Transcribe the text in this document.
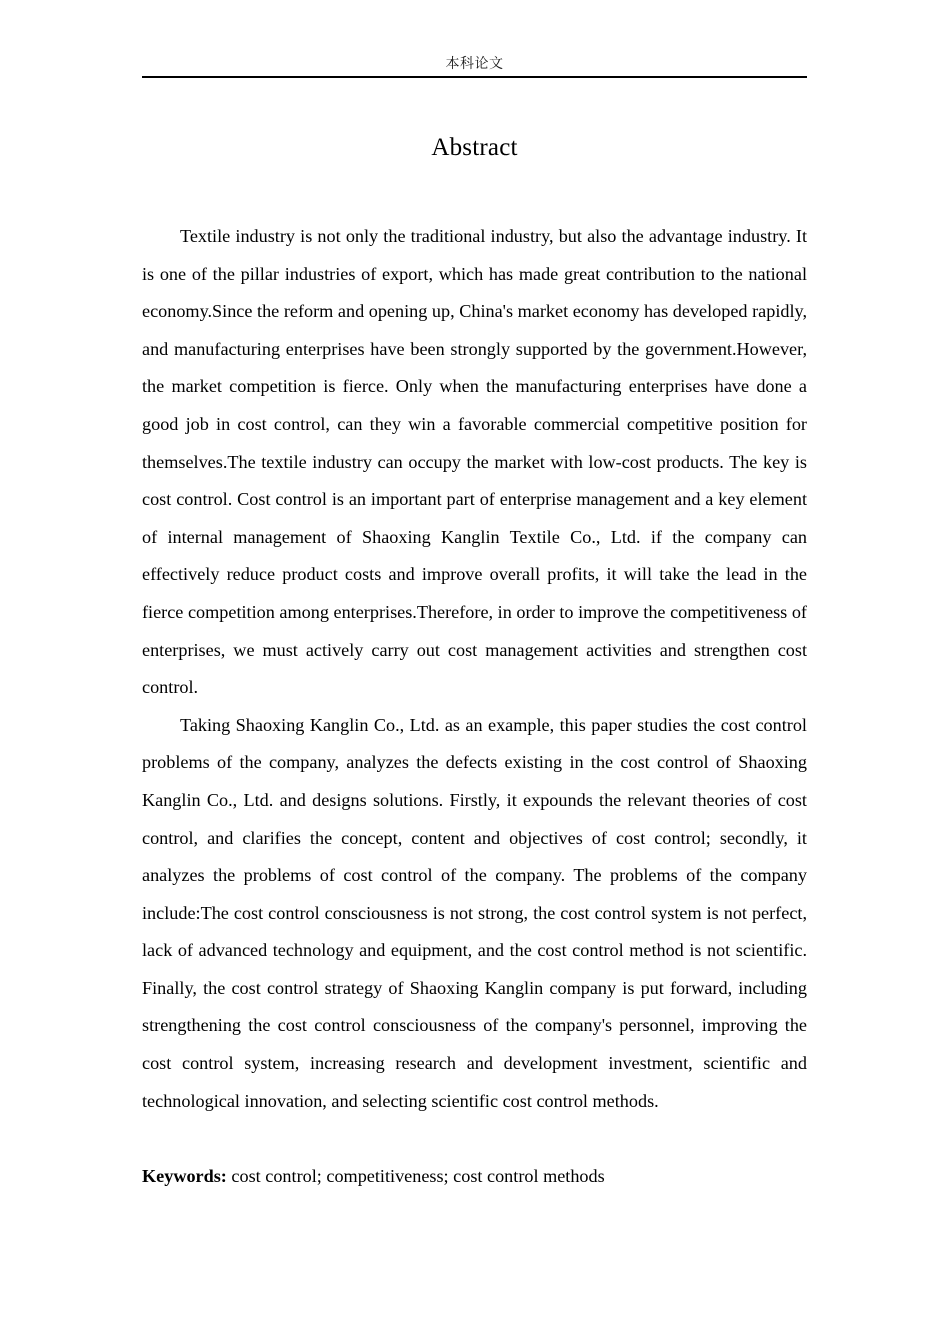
本科论文
Abstract

Textile industry is not only the traditional industry, but also the advantage industry. It is one of the pillar industries of export, which has made great contribution to the national economy.Since the reform and opening up, China's market economy has developed rapidly, and manufacturing enterprises have been strongly supported by the government.However, the market competition is fierce. Only when the manufacturing enterprises have done a good job in cost control, can they win a favorable commercial competitive position for themselves.The textile industry can occupy the market with low-cost products. The key is cost control. Cost control is an important part of enterprise management and a key element of internal management of Shaoxing Kanglin Textile Co., Ltd. if the company can effectively reduce product costs and improve overall profits, it will take the lead in the fierce competition among enterprises.Therefore, in order to improve the competitiveness of enterprises, we must actively carry out cost management activities and strengthen cost control.

Taking Shaoxing Kanglin Co., Ltd. as an example, this paper studies the cost control problems of the company, analyzes the defects existing in the cost control of Shaoxing Kanglin Co., Ltd. and designs solutions. Firstly, it expounds the relevant theories of cost control, and clarifies the concept, content and objectives of cost control; secondly, it analyzes the problems of cost control of the company. The problems of the company include:The cost control consciousness is not strong, the cost control system is not perfect, lack of advanced technology and equipment, and the cost control method is not scientific. Finally, the cost control strategy of Shaoxing Kanglin company is put forward, including strengthening the cost control consciousness of the company's personnel, improving the cost control system, increasing research and development investment, scientific and technological innovation, and selecting scientific cost control methods.

Keywords: cost control; competitiveness; cost control methods
